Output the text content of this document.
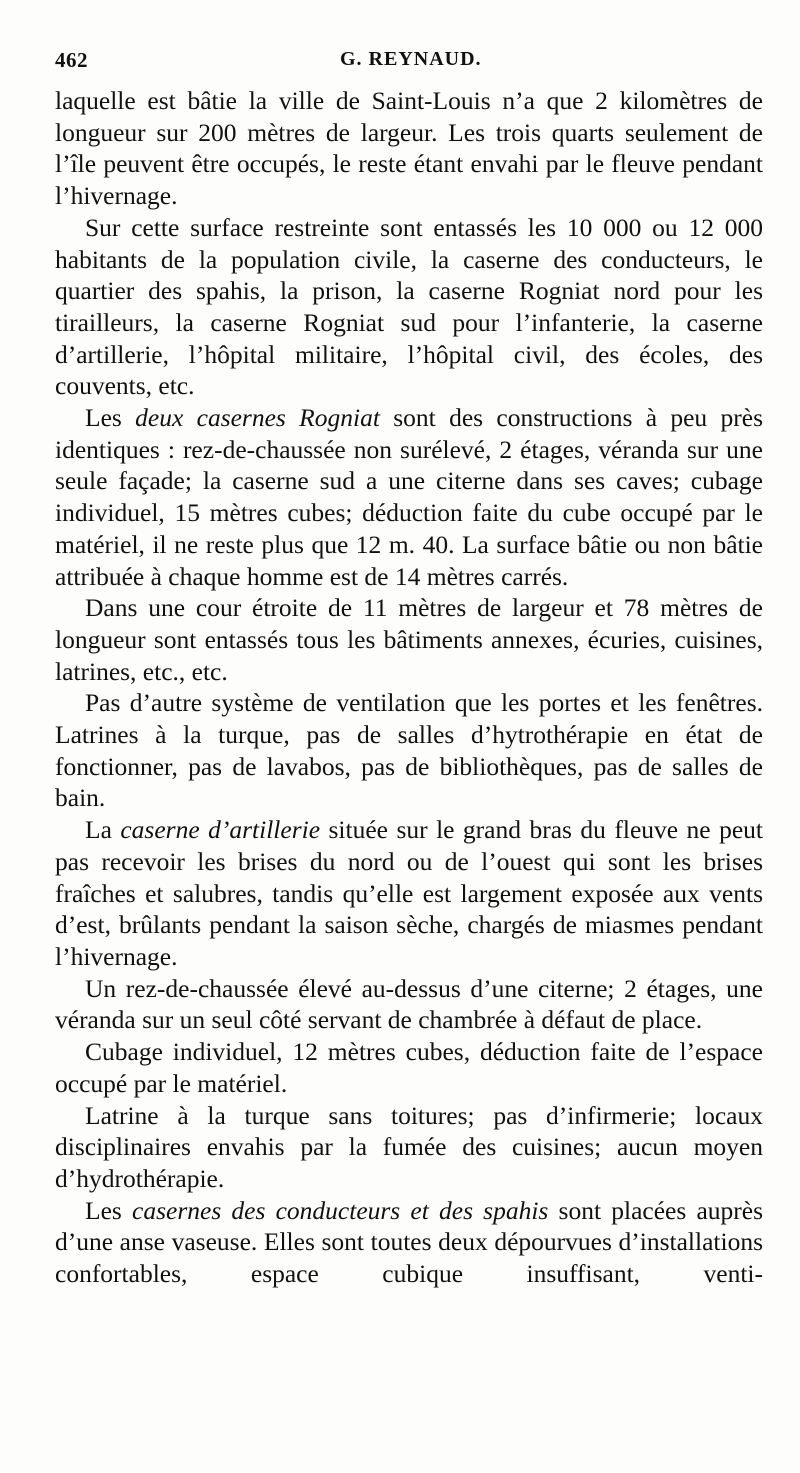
462	G. REYNAUD.

laquelle est bâtie la ville de Saint-Louis n’a que 2 kilomètres de longueur sur 200 mètres de largeur. Les trois quarts seulement de l’île peuvent être occupés, le reste étant envahi par le fleuve pendant l’hivernage.

Sur cette surface restreinte sont entassés les 10 000 ou 12 000 habitants de la population civile, la caserne des conducteurs, le quartier des spahis, la prison, la caserne Rogniat nord pour les tirailleurs, la caserne Rogniat sud pour l’infanterie, la caserne d’artillerie, l’hôpital militaire, l’hôpital civil, des écoles, des couvents, etc.

Les deux casernes Rogniat sont des constructions à peu près identiques : rez-de-chaussée non surélevé, 2 étages, véranda sur une seule façade; la caserne sud a une citerne dans ses caves; cubage individuel, 15 mètres cubes; déduction faite du cube occupé par le matériel, il ne reste plus que 12 m. 40. La surface bâtie ou non bâtie attribuée à chaque homme est de 14 mètres carrés.

Dans une cour étroite de 11 mètres de largeur et 78 mètres de longueur sont entassés tous les bâtiments annexes, écuries, cuisines, latrines, etc., etc.

Pas d’autre système de ventilation que les portes et les fenêtres. Latrines à la turque, pas de salles d’hytrothérapie en état de fonctionner, pas de lavabos, pas de bibliothèques, pas de salles de bain.

La caserne d’artillerie située sur le grand bras du fleuve ne peut pas recevoir les brises du nord ou de l’ouest qui sont les brises fraîches et salubres, tandis qu’elle est largement exposée aux vents d’est, brûlants pendant la saison sèche, chargés de miasmes pendant l’hivernage.

Un rez-de-chaussée élevé au-dessus d’une citerne; 2 étages, une véranda sur un seul côté servant de chambrée à défaut de place.

Cubage individuel, 12 mètres cubes, déduction faite de l’espace occupé par le matériel.

Latrine à la turque sans toitures; pas d’infirmerie; locaux disciplinaires envahis par la fumée des cuisines; aucun moyen d’hydrothérapie.

Les casernes des conducteurs et des spahis sont placées auprès d’une anse vaseuse. Elles sont toutes deux dépourvues d’installations confortables, espace cubique insuffisant, venti-
